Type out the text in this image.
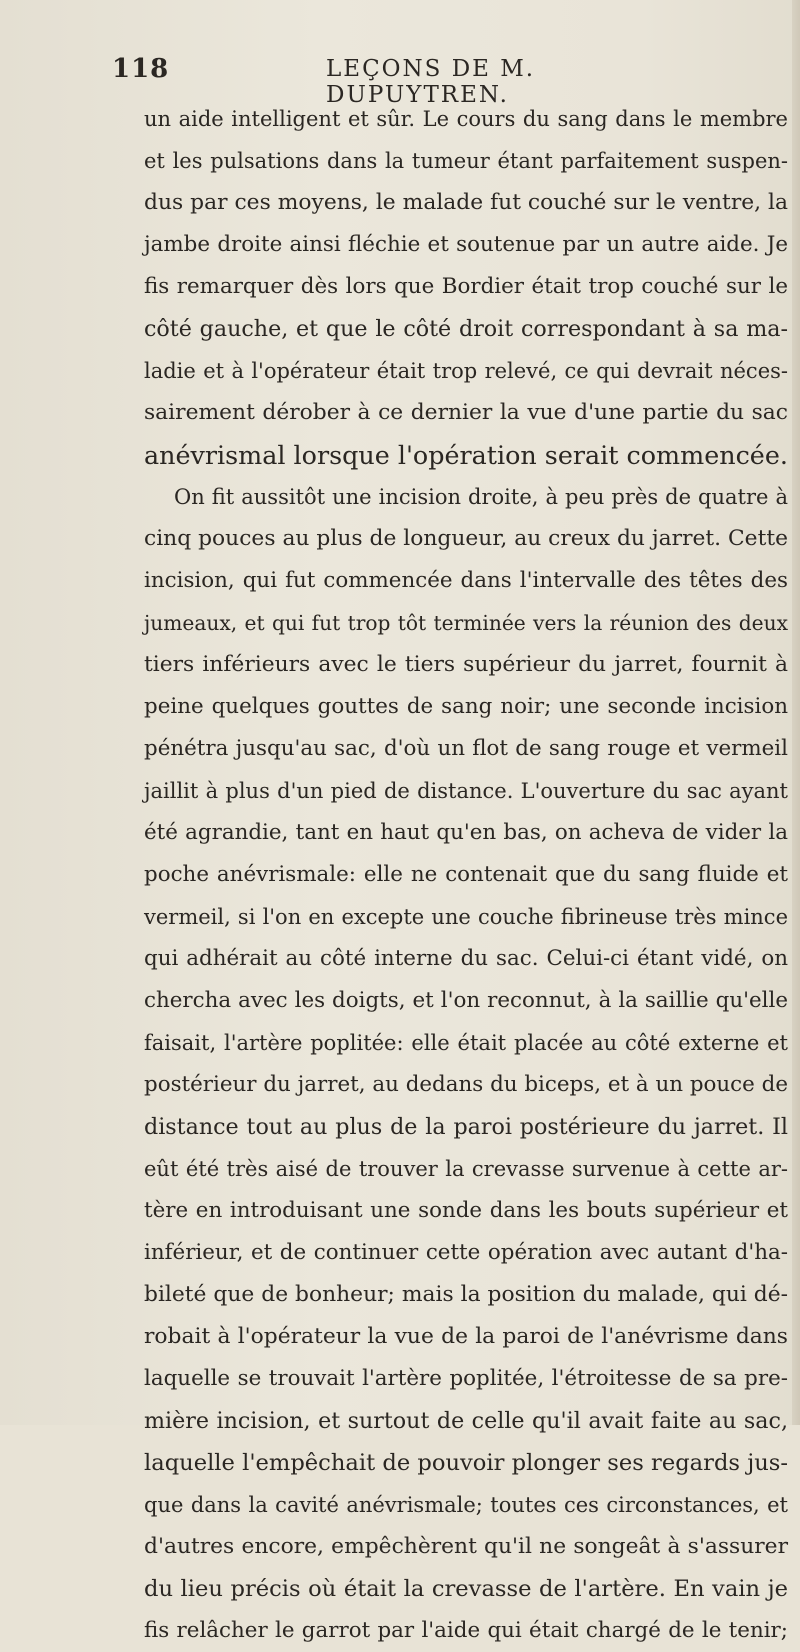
118	LEÇONS DE M. DUPUYTREN.
un aide intelligent et sûr. Le cours du sang dans le membre
et les pulsations dans la tumeur étant parfaitement suspen-
dus par ces moyens, le malade fut couché sur le ventre, la
jambe droite ainsi fléchie et soutenue par un autre aide. Je
fis remarquer dès lors que Bordier était trop couché sur le
côté gauche, et que le côté droit correspondant à sa ma-
ladie et à l'opérateur était trop relevé, ce qui devrait néces-
sairement dérober à ce dernier la vue d'une partie du sac
anévrismal lorsque l'opération serait commencée.
On fit aussitôt une incision droite, à peu près de quatre à
cinq pouces au plus de longueur, au creux du jarret. Cette
incision, qui fut commencée dans l'intervalle des têtes des
jumeaux, et qui fut trop tôt terminée vers la réunion des deux
tiers inférieurs avec le tiers supérieur du jarret, fournit à
peine quelques gouttes de sang noir; une seconde incision
pénétra jusqu'au sac, d'où un flot de sang rouge et vermeil
jaillit à plus d'un pied de distance. L'ouverture du sac ayant
été agrandie, tant en haut qu'en bas, on acheva de vider la
poche anévrismale: elle ne contenait que du sang fluide et
vermeil, si l'on en excepte une couche fibrineuse très mince
qui adhérait au côté interne du sac. Celui-ci étant vidé, on
chercha avec les doigts, et l'on reconnut, à la saillie qu'elle
faisait, l'artère poplitée: elle était placée au côté externe et
postérieur du jarret, au dedans du biceps, et à un pouce de
distance tout au plus de la paroi postérieure du jarret. Il
eût été très aisé de trouver la crevasse survenue à cette ar-
tère en introduisant une sonde dans les bouts supérieur et
inférieur, et de continuer cette opération avec autant d'ha-
bileté que de bonheur; mais la position du malade, qui dé-
robait à l'opérateur la vue de la paroi de l'anévrisme dans
laquelle se trouvait l'artère poplitée, l'étroitesse de sa pre-
mière incision, et surtout de celle qu'il avait faite au sac,
laquelle l'empêchait de pouvoir plonger ses regards jus-
que dans la cavité anévrismale; toutes ces circonstances, et
d'autres encore, empêchèrent qu'il ne songeât à s'assurer
du lieu précis où était la crevasse de l'artère. En vain je
fis relâcher le garrot par l'aide qui était chargé de le tenir;
